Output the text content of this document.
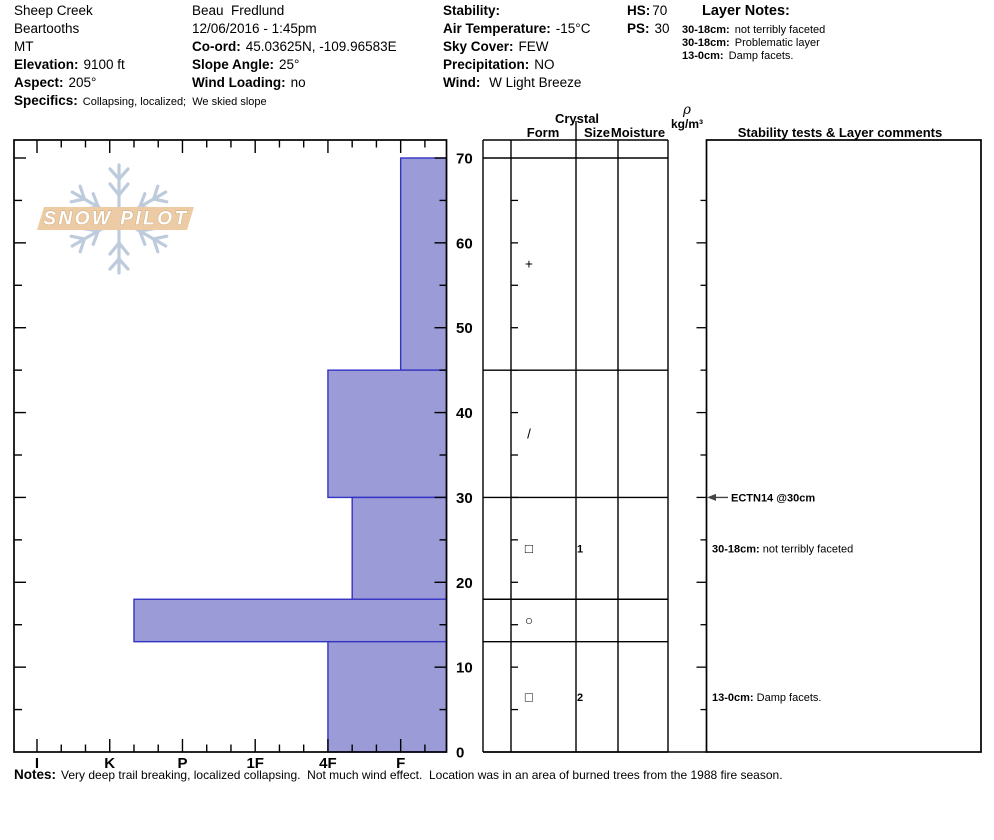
SNOW PILOT
I	K	P	1F	4F	F
0
10
20
30
40
50
60
70
Crystal
Form Size Moisture
ρ
kg/m³
Stability tests & Layer comments
+
/
□	1	30-18cm: not terribly faceted
○
□	2	13-0cm: Damp facets.
ECTN14 @30cm
Sheep Creek
Beartooths
MT
Elevation: 9100 ft
Aspect: 205°
Specifics: Collapsing, localized;  We skied slope
Beau  Fredlund
12/06/2016 - 1:45pm
Co-ord: 45.03625N, -109.96583E
Slope Angle: 25°
Wind Loading: no
Stability:
Air Temperature: -15°C
Sky Cover: FEW
Precipitation: NO
Wind: W Light Breeze
HS: 70
PS: 30
Layer Notes:
30-18cm: not terribly faceted
30-18cm: Problematic layer
13-0cm: Damp facets.
Notes: Very deep trail breaking, localized collapsing.  Not much wind effect.  Location was in an area of burned trees from the 1988 fire season.
